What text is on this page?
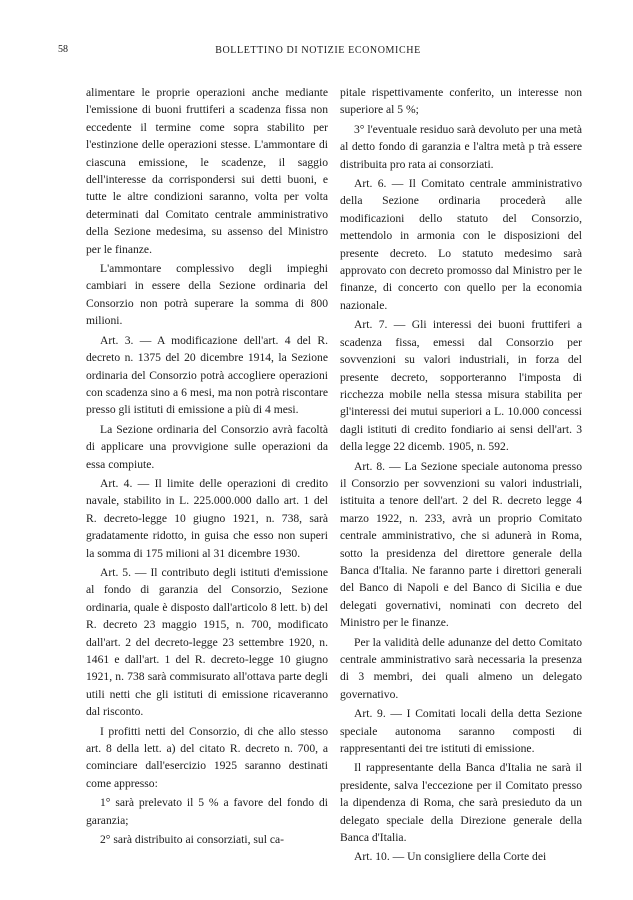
58	BOLLETTINO DI NOTIZIE ECONOMICHE

alimentare le proprie operazioni anche mediante l'emissione di buoni fruttiferi a scadenza fissa non eccedente il termine come sopra stabilito per l'estinzione delle operazioni stesse. L'ammontare di ciascuna emissione, le scadenze, il saggio dell'interesse da corrispondersi sui detti buoni, e tutte le altre condizioni saranno, volta per volta determinati dal Comitato centrale amministrativo della Sezione medesima, su assenso del Ministro per le finanze.

L'ammontare complessivo degli impieghi cambiari in essere della Sezione ordinaria del Consorzio non potrà superare la somma di 800 milioni.

Art. 3. — A modificazione dell'art. 4 del R. decreto n. 1375 del 20 dicembre 1914, la Sezione ordinaria del Consorzio potrà accogliere operazioni con scadenza sino a 6 mesi, ma non potrà riscontare presso gli istituti di emissione a più di 4 mesi.

La Sezione ordinaria del Consorzio avrà facoltà di applicare una provvigione sulle operazioni da essa compiute.

Art. 4. — Il limite delle operazioni di credito navale, stabilito in L. 225.000.000 dallo art. 1 del R. decreto-legge 10 giugno 1921, n. 738, sarà gradatamente ridotto, in guisa che esso non superi la somma di 175 milioni al 31 dicembre 1930.

Art. 5. — Il contributo degli istituti d'emissione al fondo di garanzia del Consorzio, Sezione ordinaria, quale è disposto dall'articolo 8 lett. b) del R. decreto 23 maggio 1915, n. 700, modificato dall'art. 2 del decreto-legge 23 settembre 1920, n. 1461 e dall'art. 1 del R. decreto-legge 10 giugno 1921, n. 738 sarà commisurato all'ottava parte degli utili netti che gli istituti di emissione ricaveranno dal risconto.

I profitti netti del Consorzio, di che allo stesso art. 8 della lett. a) del citato R. decreto n. 700, a cominciare dall'esercizio 1925 saranno destinati come appresso:

1° sarà prelevato il 5 % a favore del fondo di garanzia;

2° sarà distribuito ai consorziati, sul ca-

pitale rispettivamente conferito, un interesse non superiore al 5 %;

3° l'eventuale residuo sarà devoluto per una metà al detto fondo di garanzia e l'altra metà p trà essere distribuita pro rata ai consorziati.

Art. 6. — Il Comitato centrale amministrativo della Sezione ordinaria procederà alle modificazioni dello statuto del Consorzio, mettendolo in armonia con le disposizioni del presente decreto. Lo statuto medesimo sarà approvato con decreto promosso dal Ministro per le finanze, di concerto con quello per la economia nazionale.

Art. 7. — Gli interessi dei buoni fruttiferi a scadenza fissa, emessi dal Consorzio per sovvenzioni su valori industriali, in forza del presente decreto, sopporteranno l'imposta di ricchezza mobile nella stessa misura stabilita per gl'interessi dei mutui superiori a L. 10.000 concessi dagli istituti di credito fondiario ai sensi dell'art. 3 della legge 22 dicemb. 1905, n. 592.

Art. 8. — La Sezione speciale autonoma presso il Consorzio per sovvenzioni su valori industriali, istituita a tenore dell'art. 2 del R. decreto legge 4 marzo 1922, n. 233, avrà un proprio Comitato centrale amministrativo, che si adunerà in Roma, sotto la presidenza del direttore generale della Banca d'Italia. Ne faranno parte i direttori generali del Banco di Napoli e del Banco di Sicilia e due delegati governativi, nominati con decreto del Ministro per le finanze.

Per la validità delle adunanze del detto Comitato centrale amministrativo sarà necessaria la presenza di 3 membri, dei quali almeno un delegato governativo.

Art. 9. — I Comitati locali della detta Sezione speciale autonoma saranno composti di rappresentanti dei tre istituti di emissione.

Il rappresentante della Banca d'Italia ne sarà il presidente, salva l'eccezione per il Comitato presso la dipendenza di Roma, che sarà presieduto da un delegato speciale della Direzione generale della Banca d'Italia.

Art. 10. — Un consigliere della Corte dei
